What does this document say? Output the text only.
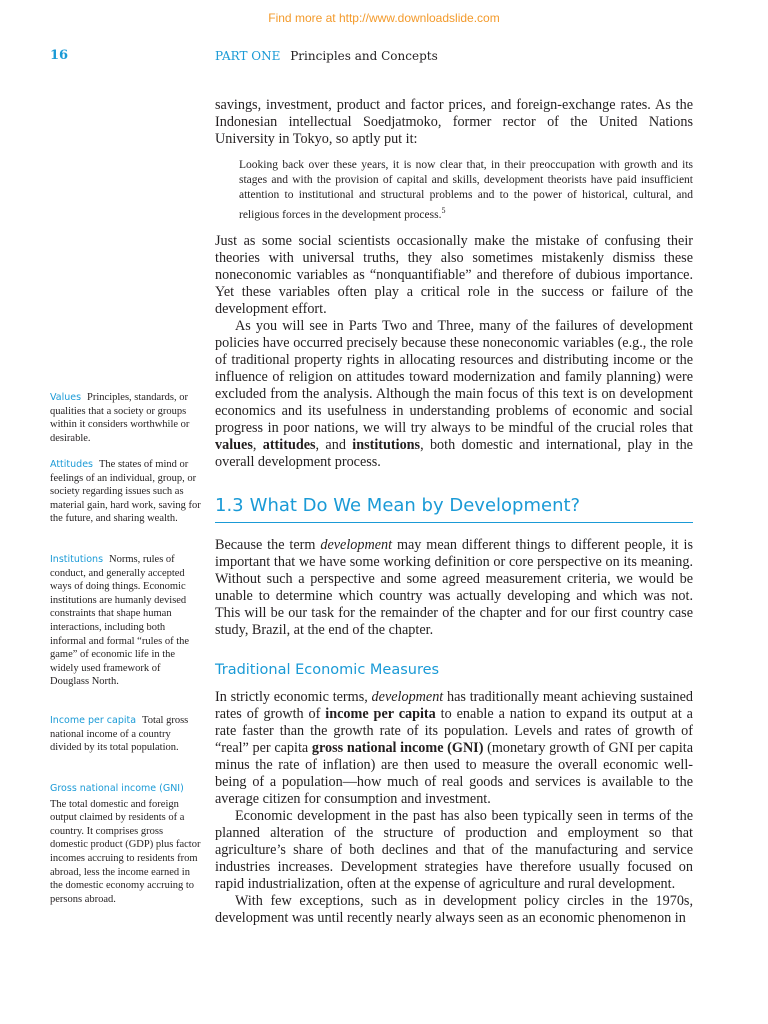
Find more at http://www.downloadslide.com
16	PART ONE Principles and Concepts

savings, investment, product and factor prices, and foreign-exchange rates. As the Indonesian intellectual Soedjatmoko, former rector of the United Nations University in Tokyo, so aptly put it:

Looking back over these years, it is now clear that, in their preoccupation with growth and its stages and with the provision of capital and skills, development theorists have paid insufficient attention to institutional and structural problems and to the power of historical, cultural, and religious forces in the development process.$^5$

Just as some social scientists occasionally make the mistake of confusing their theories with universal truths, they also sometimes mistakenly dismiss these noneconomic variables as “nonquantifiable” and therefore of dubious importance. Yet these variables often play a critical role in the success or failure of the development effort.

As you will see in Parts Two and Three, many of the failures of development policies have occurred precisely because these noneconomic variables (e.g., the role of traditional property rights in allocating resources and distributing income or the influence of religion on attitudes toward modernization and family planning) were excluded from the analysis. Although the main focus of this text is on development economics and its usefulness in understanding problems of economic and social progress in poor nations, we will try always to be mindful of the crucial roles that values, attitudes, and institutions, both domestic and international, play in the overall development process.

1.3 What Do We Mean by Development?

Because the term development may mean different things to different people, it is important that we have some working definition or core perspective on its meaning. Without such a perspective and some agreed measurement criteria, we would be unable to determine which country was actually developing and which was not. This will be our task for the remainder of the chapter and for our first country case study, Brazil, at the end of the chapter.

Traditional Economic Measures

In strictly economic terms, development has traditionally meant achieving sustained rates of growth of income per capita to enable a nation to expand its output at a rate faster than the growth rate of its population. Levels and rates of growth of “real” per capita gross national income (GNI) (monetary growth of GNI per capita minus the rate of inflation) are then used to measure the overall economic well-being of a population—how much of real goods and services is available to the average citizen for consumption and investment.

Economic development in the past has also been typically seen in terms of the planned alteration of the structure of production and employment so that agriculture’s share of both declines and that of the manufacturing and service industries increases. Development strategies have therefore usually focused on rapid industrialization, often at the expense of agriculture and rural development.

With few exceptions, such as in development policy circles in the 1970s, development was until recently nearly always seen as an economic phenomenon in

Values Principles, standards, or qualities that a society or groups within it considers worthwhile or desirable.
Attitudes The states of mind or feelings of an individual, group, or society regarding issues such as material gain, hard work, saving for the future, and sharing wealth.
Institutions Norms, rules of conduct, and generally accepted ways of doing things. Economic institutions are humanly devised constraints that shape human interactions, including both informal and formal “rules of the game” of economic life in the widely used framework of Douglass North.
Income per capita Total gross national income of a country divided by its total population.
Gross national income (GNI)
The total domestic and foreign output claimed by residents of a country. It comprises gross domestic product (GDP) plus factor incomes accruing to residents from abroad, less the income earned in the domestic economy accruing to persons abroad.
